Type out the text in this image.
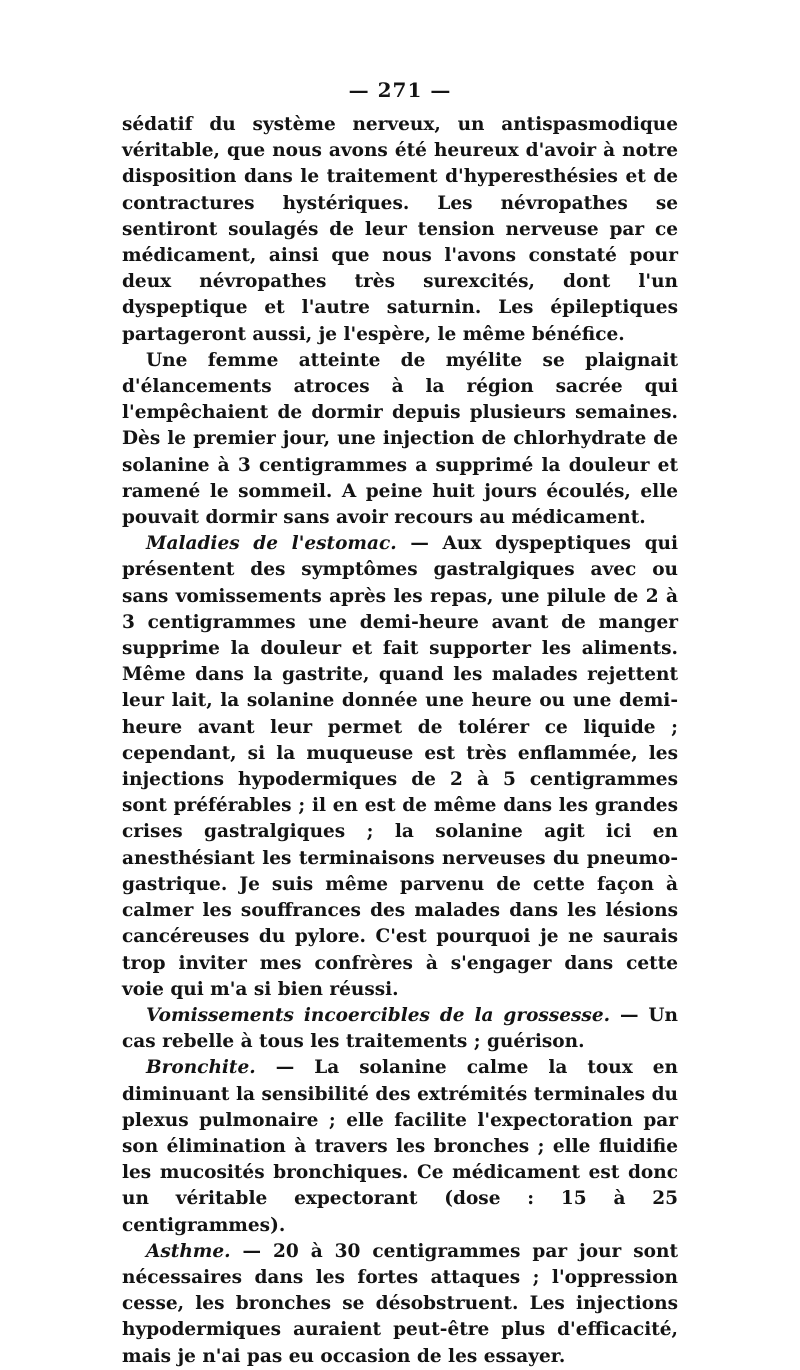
— 271 —

sédatif du système nerveux, un antispasmodique véritable, que nous avons été heureux d'avoir à notre disposition dans le traitement d'hyperesthésies et de contractures hystériques. Les névropathes se sentiront soulagés de leur tension nerveuse par ce médicament, ainsi que nous l'avons constaté pour deux névropathes très surexcités, dont l'un dyspeptique et l'autre saturnin. Les épileptiques partageront aussi, je l'espère, le même bénéfice.

Une femme atteinte de myélite se plaignait d'élancements atroces à la région sacrée qui l'empêchaient de dormir depuis plusieurs semaines. Dès le premier jour, une injection de chlorhydrate de solanine à 3 centigrammes a supprimé la douleur et ramené le sommeil. A peine huit jours écoulés, elle pouvait dormir sans avoir recours au médicament.

Maladies de l'estomac. — Aux dyspeptiques qui présentent des symptômes gastralgiques avec ou sans vomissements après les repas, une pilule de 2 à 3 centigrammes une demi-heure avant de manger supprime la douleur et fait supporter les aliments. Même dans la gastrite, quand les malades rejettent leur lait, la solanine donnée une heure ou une demi-heure avant leur permet de tolérer ce liquide ; cependant, si la muqueuse est très enflammée, les injections hypodermiques de 2 à 5 centigrammes sont préférables ; il en est de même dans les grandes crises gastralgiques ; la solanine agit ici en anesthésiant les terminaisons nerveuses du pneumo-gastrique. Je suis même parvenu de cette façon à calmer les souffrances des malades dans les lésions cancéreuses du pylore. C'est pourquoi je ne saurais trop inviter mes confrères à s'engager dans cette voie qui m'a si bien réussi.

Vomissements incoercibles de la grossesse. — Un cas rebelle à tous les traitements ; guérison.

Bronchite. — La solanine calme la toux en diminuant la sensibilité des extrémités terminales du plexus pulmonaire ; elle facilite l'expectoration par son élimination à travers les bronches ; elle fluidifie les mucosités bronchiques. Ce médicament est donc un véritable expectorant (dose : 15 à 25 centigrammes).

Asthme. — 20 à 30 centigrammes par jour sont nécessaires dans les fortes attaques ; l'oppression cesse, les bronches se désobstruent. Les injections hypodermiques auraient peut-être plus d'efficacité, mais je n'ai pas eu occasion de les essayer.
